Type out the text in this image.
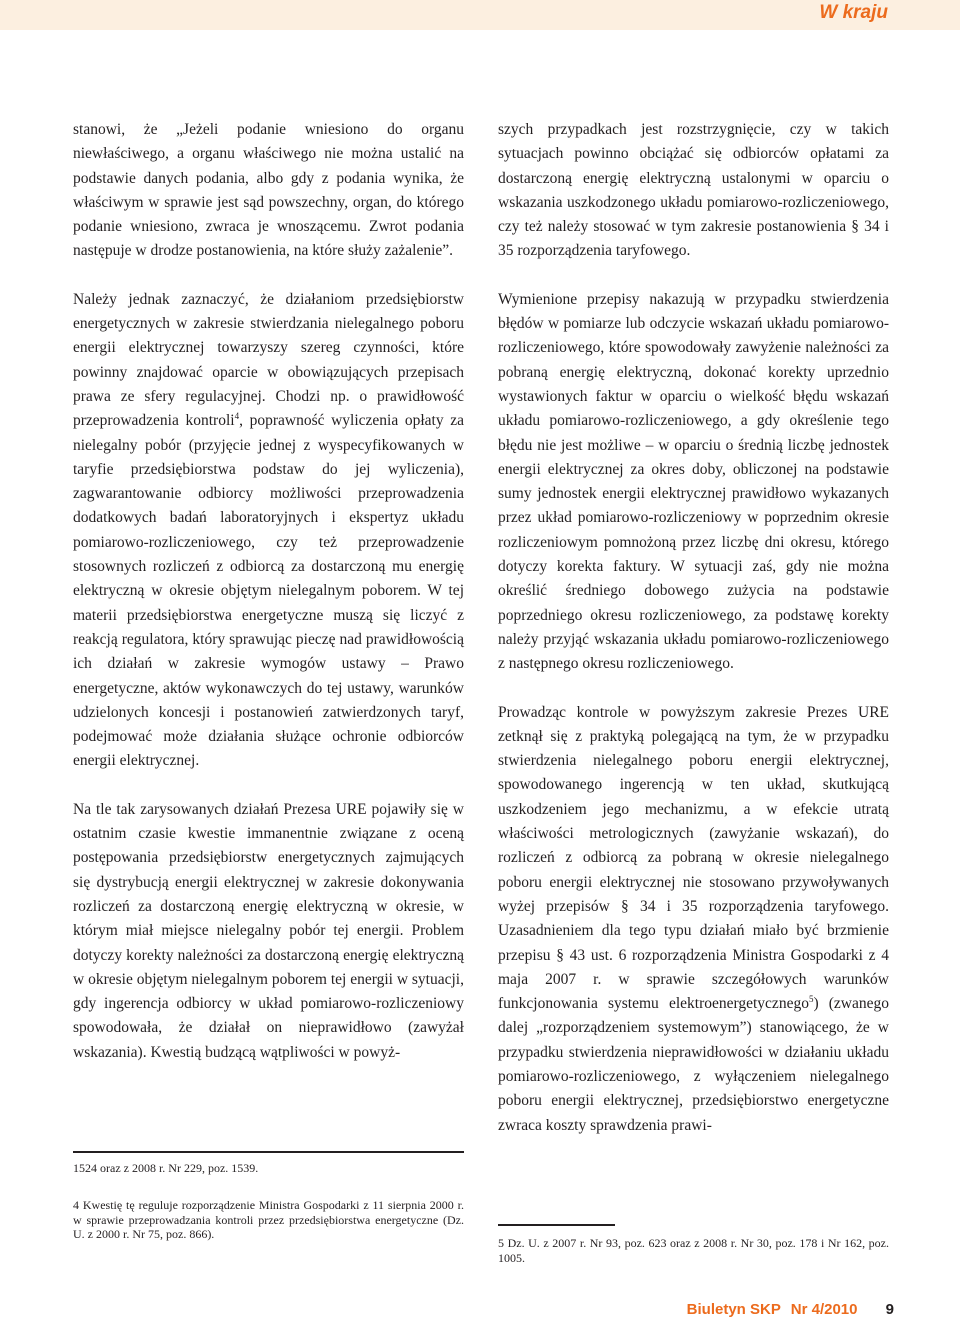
W kraju

stanowi, że „Jeżeli podanie wniesiono do organu niewłaściwego, a organu właściwego nie można ustalić na podstawie danych podania, albo gdy z podania wynika, że właściwym w sprawie jest sąd powszechny, organ, do którego podanie wniesiono, zwraca je wnoszącemu. Zwrot podania następuje w drodze postanowienia, na które służy zażalenie”.

Należy jednak zaznaczyć, że działaniom przedsiębiorstw energetycznych w zakresie stwierdzania nielegalnego poboru energii elektrycznej towarzyszy szereg czynności, które powinny znajdować oparcie w obowiązujących przepisach prawa ze sfery regulacyjnej. Chodzi np. o prawidłowość przeprowadzenia kontroli$^4$, poprawność wyliczenia opłaty za nielegalny pobór (przyjęcie jednej z wyspecyfikowanych w taryfie przedsiębiorstwa podstaw do jej wyliczenia), zagwarantowanie odbiorcy możliwości przeprowadzenia dodatkowych badań laboratoryjnych i ekspertyz układu pomiarowo-rozliczeniowego, czy też przeprowadzenie stosownych rozliczeń z odbiorcą za dostarczoną mu energię elektryczną w okresie objętym nielegalnym poborem. W tej materii przedsiębiorstwa energetyczne muszą się liczyć z reakcją regulatora, który sprawując pieczę nad prawidłowością ich działań w zakresie wymogów ustawy – Prawo energetyczne, aktów wykonawczych do tej ustawy, warunków udzielonych koncesji i postanowień zatwierdzonych taryf, podejmować może działania służące ochronie odbiorców energii elektrycznej.

Na tle tak zarysowanych działań Prezesa URE pojawiły się w ostatnim czasie kwestie immanentnie związane z oceną postępowania przedsiębiorstw energetycznych zajmujących się dystrybucją energii elektrycznej w zakresie dokonywania rozliczeń za dostarczoną energię elektryczną w okresie, w którym miał miejsce nielegalny pobór tej energii. Problem dotyczy korekty należności za dostarczoną energię elektryczną w okresie objętym nielegalnym poborem tej energii w sytuacji, gdy ingerencja odbiorcy w układ pomiarowo-rozliczeniowy spowodowała, że działał on nieprawidłowo (zawyżał wskazania). Kwestią budzącą wątpliwości w powyż-

1524 oraz z 2008 r. Nr 229, poz. 1539.
4 Kwestię tę reguluje rozporządzenie Ministra Gospodarki z 11 sierpnia 2000 r. w sprawie przeprowadzania kontroli przez przedsiębiorstwa energetyczne (Dz. U. z 2000 r. Nr 75, poz. 866).

szych przypadkach jest rozstrzygnięcie, czy w takich sytuacjach powinno obciążać się odbiorców opłatami za dostarczoną energię elektryczną ustalonymi w oparciu o wskazania uszkodzonego układu pomiarowo-rozliczeniowego, czy też należy stosować w tym zakresie postanowienia § 34 i 35 rozporządzenia taryfowego.

Wymienione przepisy nakazują w przypadku stwierdzenia błędów w pomiarze lub odczycie wskazań układu pomiarowo-rozliczeniowego, które spowodowały zawyżenie należności za pobraną energię elektryczną, dokonać korekty uprzednio wystawionych faktur w oparciu o wielkość błędu wskazań układu pomiarowo-rozliczeniowego, a gdy określenie tego błędu nie jest możliwe – w oparciu o średnią liczbę jednostek energii elektrycznej za okres doby, obliczonej na podstawie sumy jednostek energii elektrycznej prawidłowo wykazanych przez układ pomiarowo-rozliczeniowy w poprzednim okresie rozliczeniowym pomnożoną przez liczbę dni okresu, którego dotyczy korekta faktury. W sytuacji zaś, gdy nie można określić średniego dobowego zużycia na podstawie poprzedniego okresu rozliczeniowego, za podstawę korekty należy przyjąć wskazania układu pomiarowo-rozliczeniowego z następnego okresu rozliczeniowego.

Prowadząc kontrole w powyższym zakresie Prezes URE zetknął się z praktyką polegającą na tym, że w przypadku stwierdzenia nielegalnego poboru energii elektrycznej, spowodowanego ingerencją w ten układ, skutkującą uszkodzeniem jego mechanizmu, a w efekcie utratą właściwości metrologicznych (zawyżanie wskazań), do rozliczeń z odbiorcą za pobraną w okresie nielegalnego poboru energii elektrycznej nie stosowano przywoływanych wyżej przepisów § 34 i 35 rozporządzenia taryfowego. Uzasadnieniem dla tego typu działań miało być brzmienie przepisu § 43 ust. 6 rozporządzenia Ministra Gospodarki z 4 maja 2007 r. w sprawie szczegółowych warunków funkcjonowania systemu elektroenergetycznego$^5$) (zwanego dalej „rozporządzeniem systemowym”) stanowiącego, że w przypadku stwierdzenia nieprawidłowości w działaniu układu pomiarowo-rozliczeniowego, z wyłączeniem nielegalnego poboru energii elektrycznej, przedsiębiorstwo energetyczne zwraca koszty sprawdzenia prawi-

5 Dz. U. z 2007 r. Nr 93, poz. 623 oraz z 2008 r. Nr 30, poz. 178 i Nr 162, poz. 1005.
Biuletyn SKP Nr 4/2010 9
